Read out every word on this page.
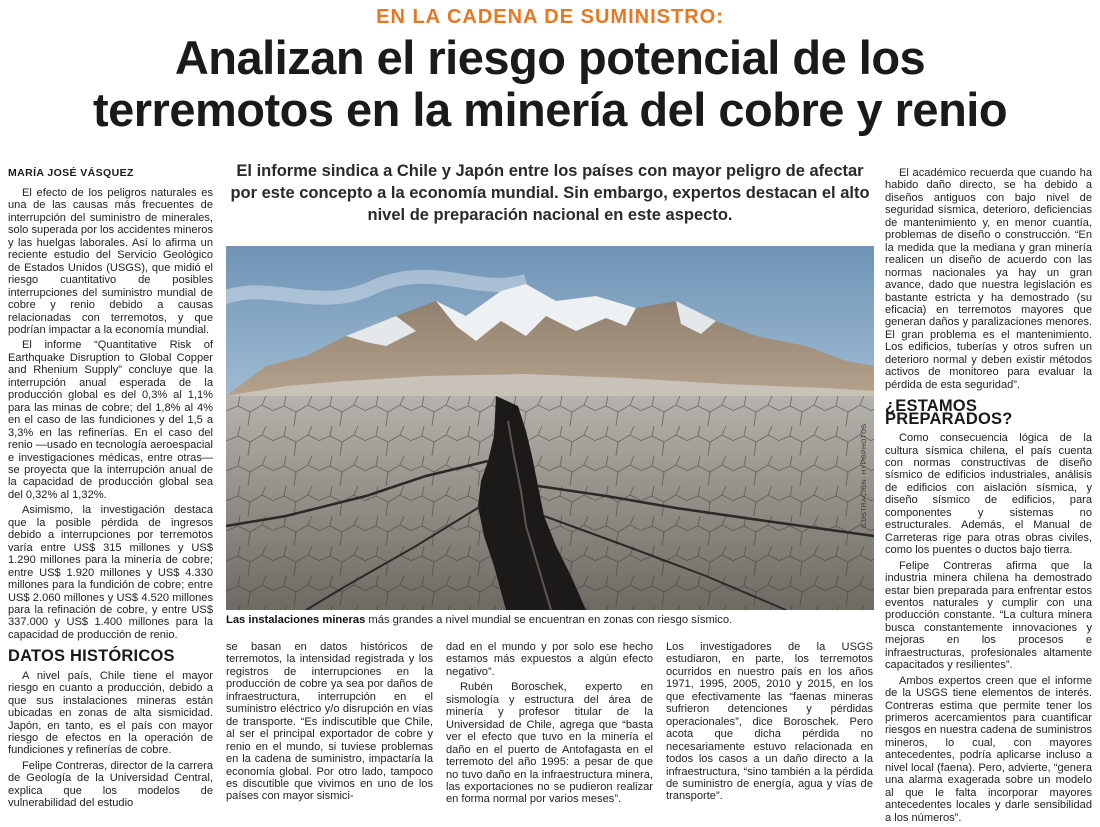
EN LA CADENA DE SUMINISTRO:
Analizan el riesgo potencial de los
terremotos en la minería del cobre y renio
MARÍA JOSÉ VÁSQUEZ	El informe sindica a Chile y Japón entre los países con mayor peligro de afectar por este concepto a la economía mundial. Sin embargo, expertos destacan el alto nivel de preparación nacional en este aspecto.

El efecto de los peligros naturales es una de las causas más frecuentes de interrupción del suministro de minerales, solo superada por los accidentes mineros y las huelgas laborales. Así lo afirma un reciente estudio del Servicio Geológico de Estados Unidos (USGS), que midió el riesgo cuantitativo de posibles interrupciones del suministro mundial de cobre y renio debido a causas relacionadas con terremotos, y que podrían impactar a la economía mundial.

El informe “Quantitative Risk of Earthquake Disruption to Global Copper and Rhenium Supply” concluye que la interrupción anual esperada de la producción global es del 0,3% al 1,1% para las minas de cobre; del 1,8% al 4% en el caso de las fundiciones y del 1,5 a 3,3% en las refinerías. En el caso del renio —usado en tecnología aeroespacial e investigaciones médicas, entre otras— se proyecta que la interrupción anual de la capacidad de producción global sea del 0,32% al 1,32%.

Asimismo, la investigación destaca que la posible pérdida de ingresos debido a interrupciones por terremotos varía entre US$ 315 millones y US$ 1.290 millones para la minería de cobre; entre US$ 1.920 millones y US$ 4.330 millones para la fundición de cobre; entre US$ 2.060 millones y US$ 4.520 millones para la refinación de cobre, y entre US$ 337.000 y US$ 1.400 millones para la capacidad de producción de renio.

DATOS HISTÓRICOS

A nivel país, Chile tiene el mayor riesgo en cuanto a producción, debido a que sus instalaciones mineras están ubicadas en zonas de alta sismicidad. Japón, en tanto, es el país con mayor riesgo de efectos en la operación de fundiciones y refinerías de cobre.

Felipe Contreras, director de la carrera de Geología de la Universidad Central, explica que los modelos de vulnerabilidad del estudio

ILUSTRACIÓN: HYPOPHOTOS
Las instalaciones mineras más grandes a nivel mundial se encuentran en zonas con riesgo sísmico.

se basan en datos históricos de terremotos, la intensidad registrada y los registros de interrupciones en la producción de cobre ya sea por daños de infraestructura, interrupción en el suministro eléctrico y/o disrupción en vías de transporte. “Es indiscutible que Chile, al ser el principal exportador de cobre y renio en el mundo, si tuviese problemas en la cadena de suministro, impactaría la economía global. Por otro lado, tampoco es discutible que vivimos en uno de los países con mayor sismici-

dad en el mundo y por solo ese hecho estamos más expuestos a algún efecto negativo”.

Rubén Boroschek, experto en sismología y estructura del área de minería y profesor titular de la Universidad de Chile, agrega que “basta ver el efecto que tuvo en la minería el daño en el puerto de Antofagasta en el terremoto del año 1995: a pesar de que no tuvo daño en la infraestructura minera, las exportaciones no se pudieron realizar en forma normal por varios meses”.

Los investigadores de la USGS estudiaron, en parte, los terremotos ocurridos en nuestro país en los años 1971, 1995, 2005, 2010 y 2015, en los que efectivamente las “faenas mineras sufrieron detenciones y pérdidas operacionales”, dice Boroschek. Pero acota que dicha pérdida no necesariamente estuvo relacionada en todos los casos a un daño directo a la infraestructura, “sino también a la pérdida de suministro de energía, agua y vías de transporte”.

El académico recuerda que cuando ha habido daño directo, se ha debido a diseños antiguos con bajo nivel de seguridad sísmica, deterioro, deficiencias de mantenimiento y, en menor cuantía, problemas de diseño o construcción. “En la medida que la mediana y gran minería realicen un diseño de acuerdo con las normas nacionales ya hay un gran avance, dado que nuestra legislación es bastante estricta y ha demostrado (su eficacia) en terremotos mayores que generan daños y paralizaciones menores. El gran problema es el mantenimiento. Los edificios, tuberías y otros sufren un deterioro normal y deben existir métodos activos de monitoreo para evaluar la pérdida de esta seguridad”.

¿ESTAMOS PREPARADOS?

Como consecuencia lógica de la cultura sísmica chilena, el país cuenta con normas constructivas de diseño sísmico de edificios industriales, análisis de edificios con aislación sísmica, y diseño sísmico de edificios, para componentes y sistemas no estructurales. Además, el Manual de Carreteras rige para otras obras civiles, como los puentes o ductos bajo tierra.

Felipe Contreras afirma que la industria minera chilena ha demostrado estar bien preparada para enfrentar estos eventos naturales y cumplir con una producción constante. “La cultura minera busca constantemente innovaciones y mejoras en los procesos e infraestructuras, profesionales altamente capacitados y resilientes”.

Ambos expertos creen que el informe de la USGS tiene elementos de interés. Contreras estima que permite tener los primeros acercamientos para cuantificar riesgos en nuestra cadena de suministros mineros, lo cual, con mayores antecedentes, podría aplicarse incluso a nivel local (faena). Pero, advierte, “genera una alarma exagerada sobre un modelo al que le falta incorporar mayores antecedentes locales y darle sensibilidad a los números”.
